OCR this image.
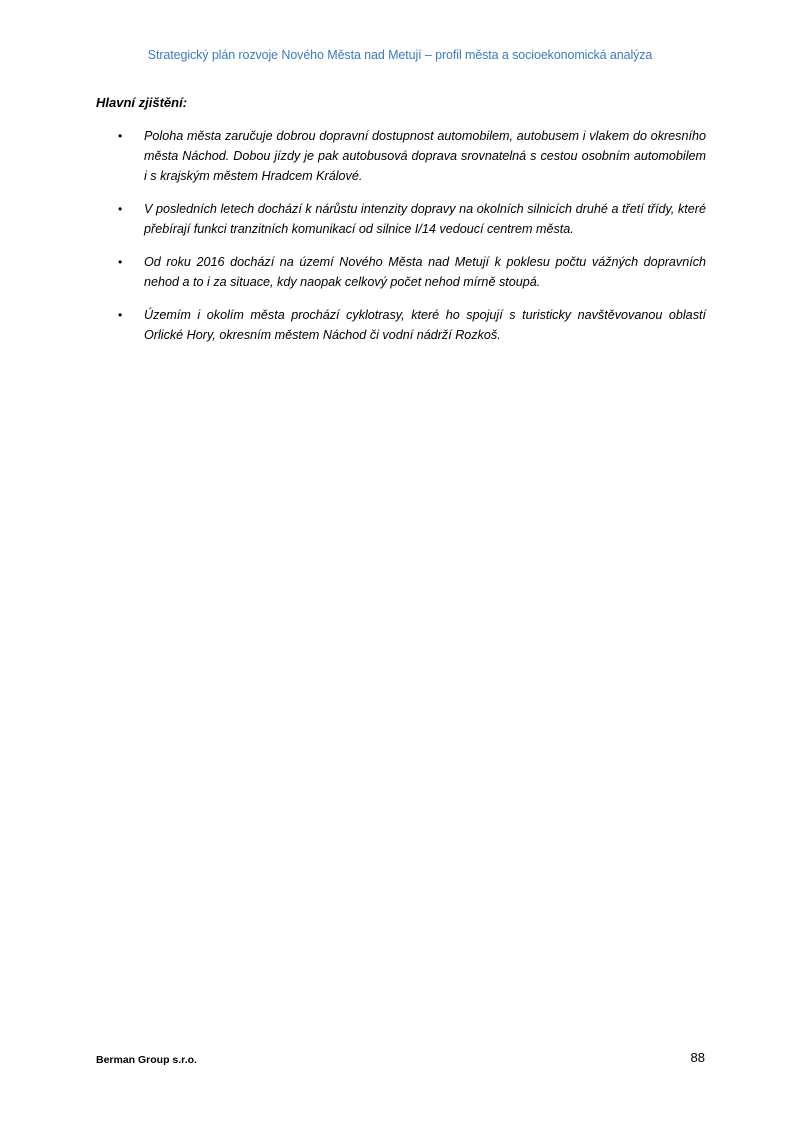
Strategický plán rozvoje Nového Města nad Metují – profil města a socioekonomická analýza
Hlavní zjištění:
• Poloha města zaručuje dobrou dopravní dostupnost automobilem, autobusem i vlakem do okresního města Náchod. Dobou jízdy je pak autobusová doprava srovnatelná s cestou osobním automobilem i s krajským městem Hradcem Králové.
• V posledních letech dochází k nárůstu intenzity dopravy na okolních silnicích druhé a třetí třídy, které přebírají funkci tranzitních komunikací od silnice I/14 vedoucí centrem města.
• Od roku 2016 dochází na území Nového Města nad Metují k poklesu počtu vážných dopravních nehod a to i za situace, kdy naopak celkový počet nehod mírně stoupá.
• Územím i okolím města prochází cyklotrasy, které ho spojují s turisticky navštěvovanou oblastí Orlické Hory, okresním městem Náchod či vodní nádrží Rozkoš.
Berman Group s.r.o.	88
